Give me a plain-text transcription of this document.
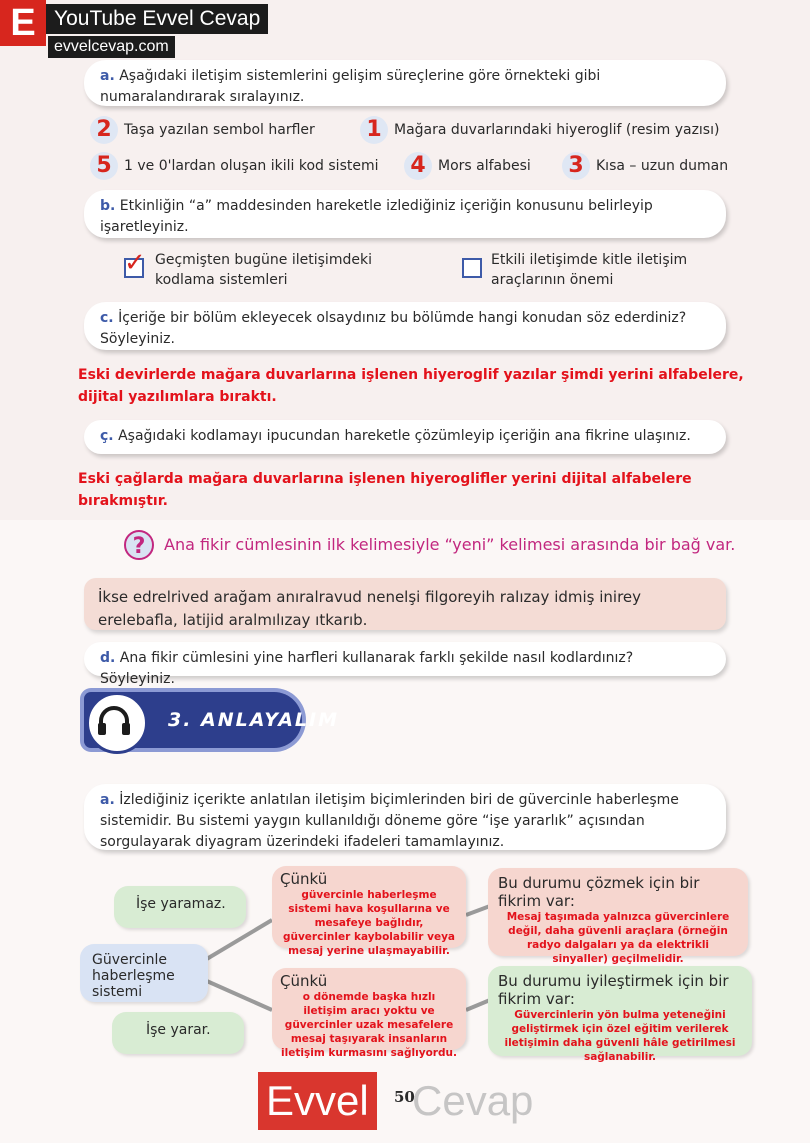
E YouTube Evvel Cevap
evvelcevap.com
a. Aşağıdaki iletişim sistemlerini gelişim süreçlerine göre örnekteki gibi numaralandırarak sıralayınız.
2 Taşa yazılan sembol harfler 1 Mağara duvarlarındaki hiyeroglif (resim yazısı)
5 1 ve 0'lardan oluşan ikili kod sistemi 4 Mors alfabesi 3 Kısa – uzun duman
b. Etkinliğin “a” maddesinden hareketle izlediğiniz içeriğin konusunu belirleyip işaretleyiniz.
✓ Geçmişten bugüne iletişimdeki
kodlama sistemleri
Etkili iletişimde kitle iletişim
araçlarının önemi
c. İçeriğe bir bölüm ekleyecek olsaydınız bu bölümde hangi konudan söz ederdiniz? Söyleyiniz.
Eski devirlerde mağara duvarlarına işlenen hiyeroglif yazılar şimdi yerini alfabelere, dijital yazılımlara bıraktı.
ç. Aşağıdaki kodlamayı ipucundan hareketle çözümleyip içeriğin ana fikrine ulaşınız.
Eski çağlarda mağara duvarlarına işlenen hiyeroglifler yerini dijital alfabelere bırakmıştır.
?	Ana fikir cümlesinin ilk kelimesiyle “yeni” kelimesi arasında bir bağ var.
İkse edrelrived arağam anıralravud nenelşi filgoreyih ralızay idmiş inirey erelebafla, latijid aralmılızay ıtkarıb.
d. Ana fikir cümlesini yine harfleri kullanarak farklı şekilde nasıl kodlardınız? Söyleyiniz.
3. ANLAYALIM
a. İzlediğiniz içerikte anlatılan iletişim biçimlerinden biri de güvercinle haberleşme sistemidir. Bu sistemi yaygın kullanıldığı döneme göre “işe yararlık” açısından sorgulayarak diyagram üzerindeki ifadeleri tamamlayınız.
İşe yaramaz.
Güvercinle haberleşme sistemi
İşe yarar.
Çünkü
güvercinle haberleşme sistemi hava koşullarına ve mesafeye bağlıdır, güvercinler kaybolabilir veya mesaj yerine ulaşmayabilir.
Çünkü
o dönemde başka hızlı iletişim aracı yoktu ve güvercinler uzak mesafelere mesaj taşıyarak insanların iletişim kurmasını sağlıyordu.
Bu durumu çözmek için bir fikrim var:
Mesaj taşımada yalnızca güvercinlere değil, daha güvenli araçlara (örneğin radyo dalgaları ya da elektrikli sinyaller) geçilmelidir.
Bu durumu iyileştirmek için bir fikrim var:
Güvercinlerin yön bulma yeteneğini geliştirmek için özel eğitim verilerek iletişimin daha güvenli hâle getirilmesi sağlanabilir.
Evvel Cevap
50
